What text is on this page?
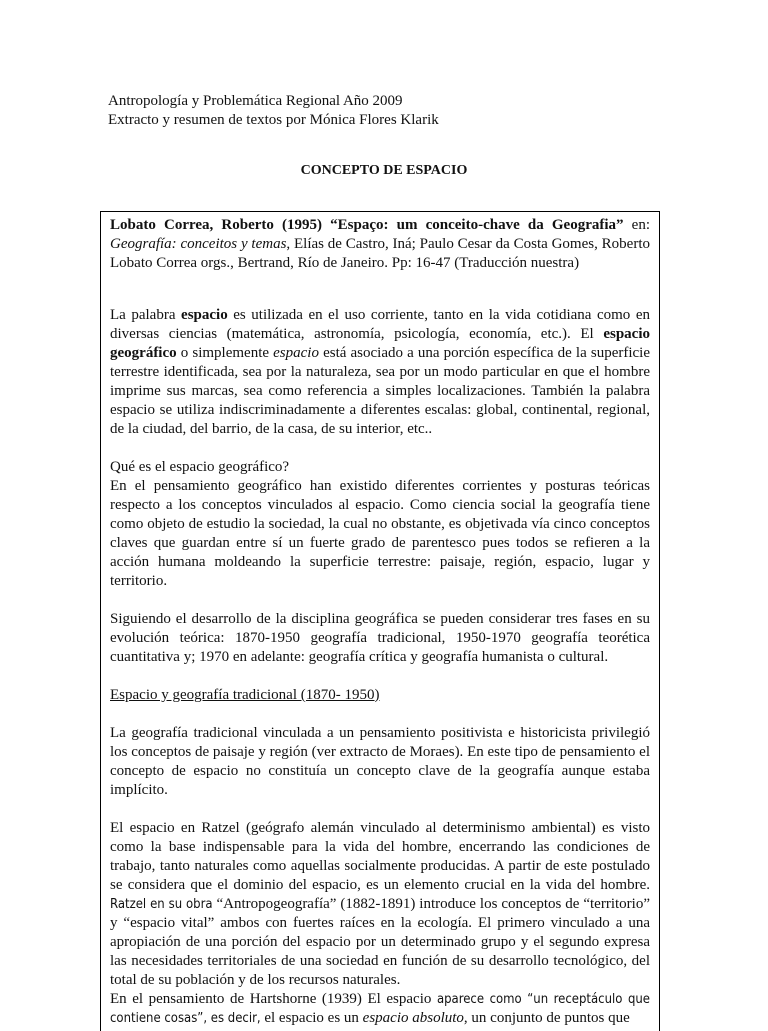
Antropología y Problemática Regional Año 2009
Extracto y resumen de textos por Mónica Flores Klarik
CONCEPTO DE ESPACIO

Lobato Correa, Roberto (1995) “Espaço: um conceito-chave da Geografia” en: Geografía: conceitos y temas, Elías de Castro, Iná; Paulo Cesar da Costa Gomes, Roberto Lobato Correa orgs., Bertrand, Río de Janeiro. Pp: 16-47 (Traducción nuestra)

La palabra espacio es utilizada en el uso corriente, tanto en la vida cotidiana como en diversas ciencias (matemática, astronomía, psicología, economía, etc.). El espacio geográfico o simplemente espacio está asociado a una porción específica de la superficie terrestre identificada, sea por la naturaleza, sea por un modo particular en que el hombre imprime sus marcas, sea como referencia a simples localizaciones. También la palabra espacio se utiliza indiscriminadamente a diferentes escalas: global, continental, regional, de la ciudad, del barrio, de la casa, de su interior, etc..

Qué es el espacio geográfico?

En el pensamiento geográfico han existido diferentes corrientes y posturas teóricas respecto a los conceptos vinculados al espacio. Como ciencia social la geografía tiene como objeto de estudio la sociedad, la cual no obstante, es objetivada vía cinco conceptos claves que guardan entre sí un fuerte grado de parentesco pues todos se refieren a la acción humana moldeando la superficie terrestre: paisaje, región, espacio, lugar y territorio.

Siguiendo el desarrollo de la disciplina geográfica se pueden considerar tres fases en su evolución teórica: 1870-1950 geografía tradicional, 1950-1970 geografía teorética cuantitativa y; 1970 en adelante: geografía crítica y geografía humanista o cultural.

Espacio y geografía tradicional (1870- 1950)

La geografía tradicional vinculada a un pensamiento positivista e historicista privilegió los conceptos de paisaje y región (ver extracto de Moraes). En este tipo de pensamiento el concepto de espacio no constituía un concepto clave de la geografía aunque estaba implícito.

El espacio en Ratzel (geógrafo alemán vinculado al determinismo ambiental) es visto como la base indispensable para la vida del hombre, encerrando las condiciones de trabajo, tanto naturales como aquellas socialmente producidas. A partir de este postulado se considera que el dominio del espacio, es un elemento crucial en la vida del hombre. Ratzel en su obra “Antropogeografía” (1882-1891) introduce los conceptos de “territorio” y “espacio vital” ambos con fuertes raíces en la ecología. El primero vinculado a una apropiación de una porción del espacio por un determinado grupo y el segundo expresa las necesidades territoriales de una sociedad en función de su desarrollo tecnológico, del total de su población y de los recursos naturales.

En el pensamiento de Hartshorne (1939) El espacio aparece como “un receptáculo que contiene cosas”, es decir, el espacio es un espacio absoluto, un conjunto de puntos que
